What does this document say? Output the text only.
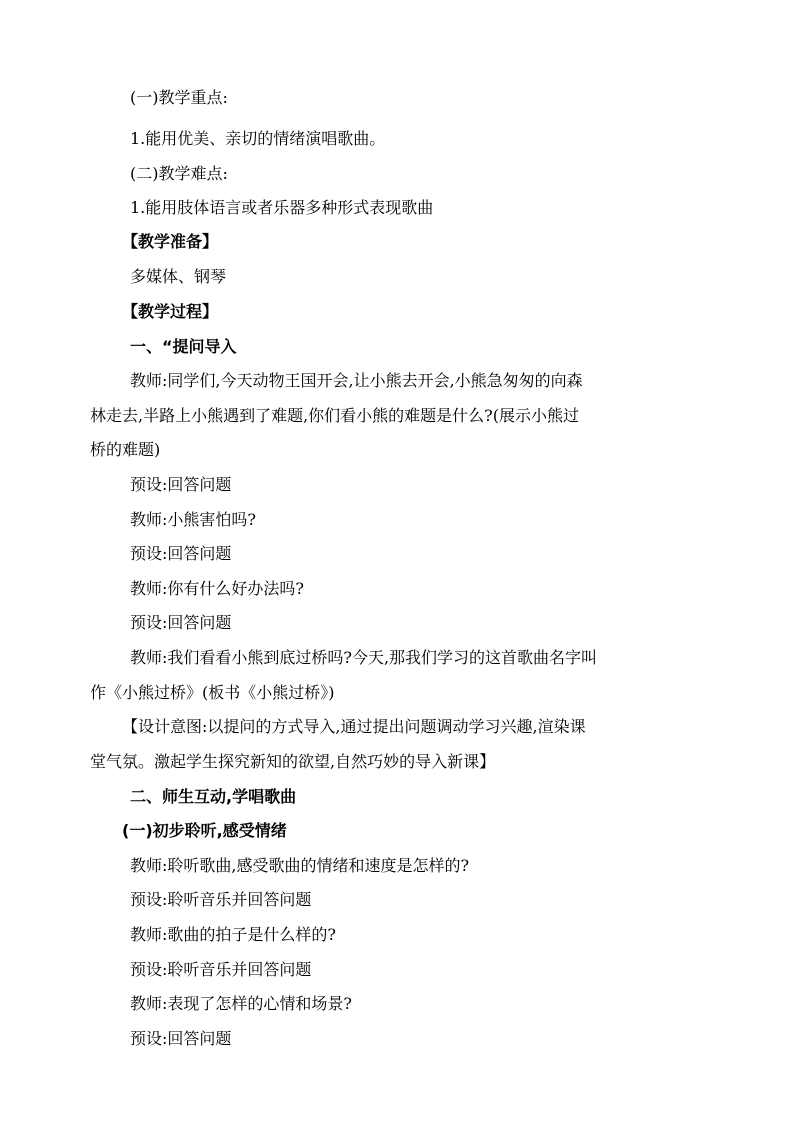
(一)教学重点:
1.能用优美、亲切的情绪演唱歌曲。
(二)教学难点:
1.能用肢体语言或者乐器多种形式表现歌曲
【教学准备】
多媒体、钢琴
【教学过程】
一、“提问导入
教师:同学们,今天动物王国开会,让小熊去开会,小熊急匆匆的向森
林走去,半路上小熊遇到了难题,你们看小熊的难题是什么?(展示小熊过
桥的难题)
预设:回答问题
教师:小熊害怕吗?
预设:回答问题
教师:你有什么好办法吗?
预设:回答问题
教师:我们看看小熊到底过桥吗?今天,那我们学习的这首歌曲名字叫
作《小熊过桥》(板书《小熊过桥》)
【设计意图:以提问的方式导入,通过提出问题调动学习兴趣,渲染课
堂气氛。激起学生探究新知的欲望,自然巧妙的导入新课】
二、师生互动,学唱歌曲
(一)初步聆听,感受情绪
教师:聆听歌曲,感受歌曲的情绪和速度是怎样的?
预设:聆听音乐并回答问题
教师:歌曲的拍子是什么样的?
预设:聆听音乐并回答问题
教师:表现了怎样的心情和场景?
预设:回答问题
